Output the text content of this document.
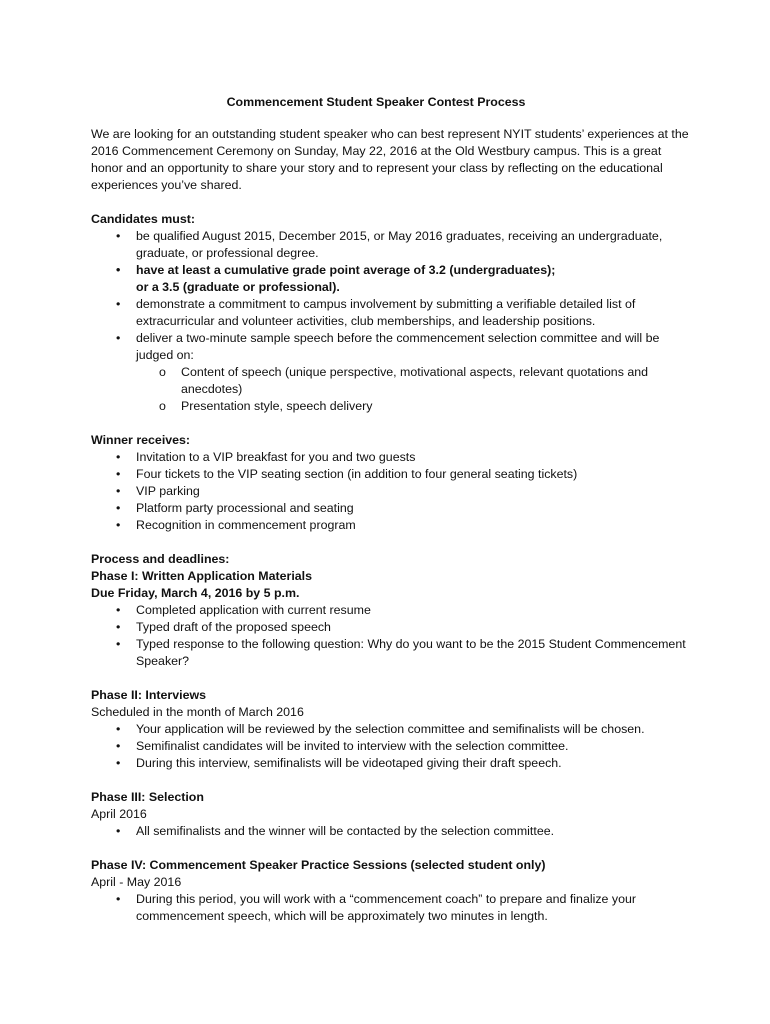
Commencement Student Speaker Contest Process

We are looking for an outstanding student speaker who can best represent NYIT students’ experiences at the 2016 Commencement Ceremony on Sunday, May 22, 2016 at the Old Westbury campus. This is a great honor and an opportunity to share your story and to represent your class by reflecting on the educational experiences you’ve shared.

Candidates must:
• be qualified August 2015, December 2015, or May 2016 graduates, receiving an undergraduate, graduate, or professional degree.
• have at least a cumulative grade point average of 3.2 (undergraduates);
or a 3.5 (graduate or professional).
• demonstrate a commitment to campus involvement by submitting a verifiable detailed list of extracurricular and volunteer activities, club memberships, and leadership positions.
• deliver a two-minute sample speech before the commencement selection committee and will be judged on:
o Content of speech (unique perspective, motivational aspects, relevant quotations and anecdotes)
o Presentation style, speech delivery
Winner receives:
• Invitation to a VIP breakfast for you and two guests
• Four tickets to the VIP seating section (in addition to four general seating tickets)
• VIP parking
• Platform party processional and seating
• Recognition in commencement program
Process and deadlines:
Phase I: Written Application Materials
Due Friday, March 4, 2016 by 5 p.m.
• Completed application with current resume
• Typed draft of the proposed speech
• Typed response to the following question: Why do you want to be the 2015 Student Commencement Speaker?
Phase II: Interviews
Scheduled in the month of March 2016
• Your application will be reviewed by the selection committee and semifinalists will be chosen.
• Semifinalist candidates will be invited to interview with the selection committee.
• During this interview, semifinalists will be videotaped giving their draft speech.
Phase III: Selection
April 2016
• All semifinalists and the winner will be contacted by the selection committee.
Phase IV: Commencement Speaker Practice Sessions (selected student only)
April - May 2016
• During this period, you will work with a “commencement coach” to prepare and finalize your commencement speech, which will be approximately two minutes in length.
